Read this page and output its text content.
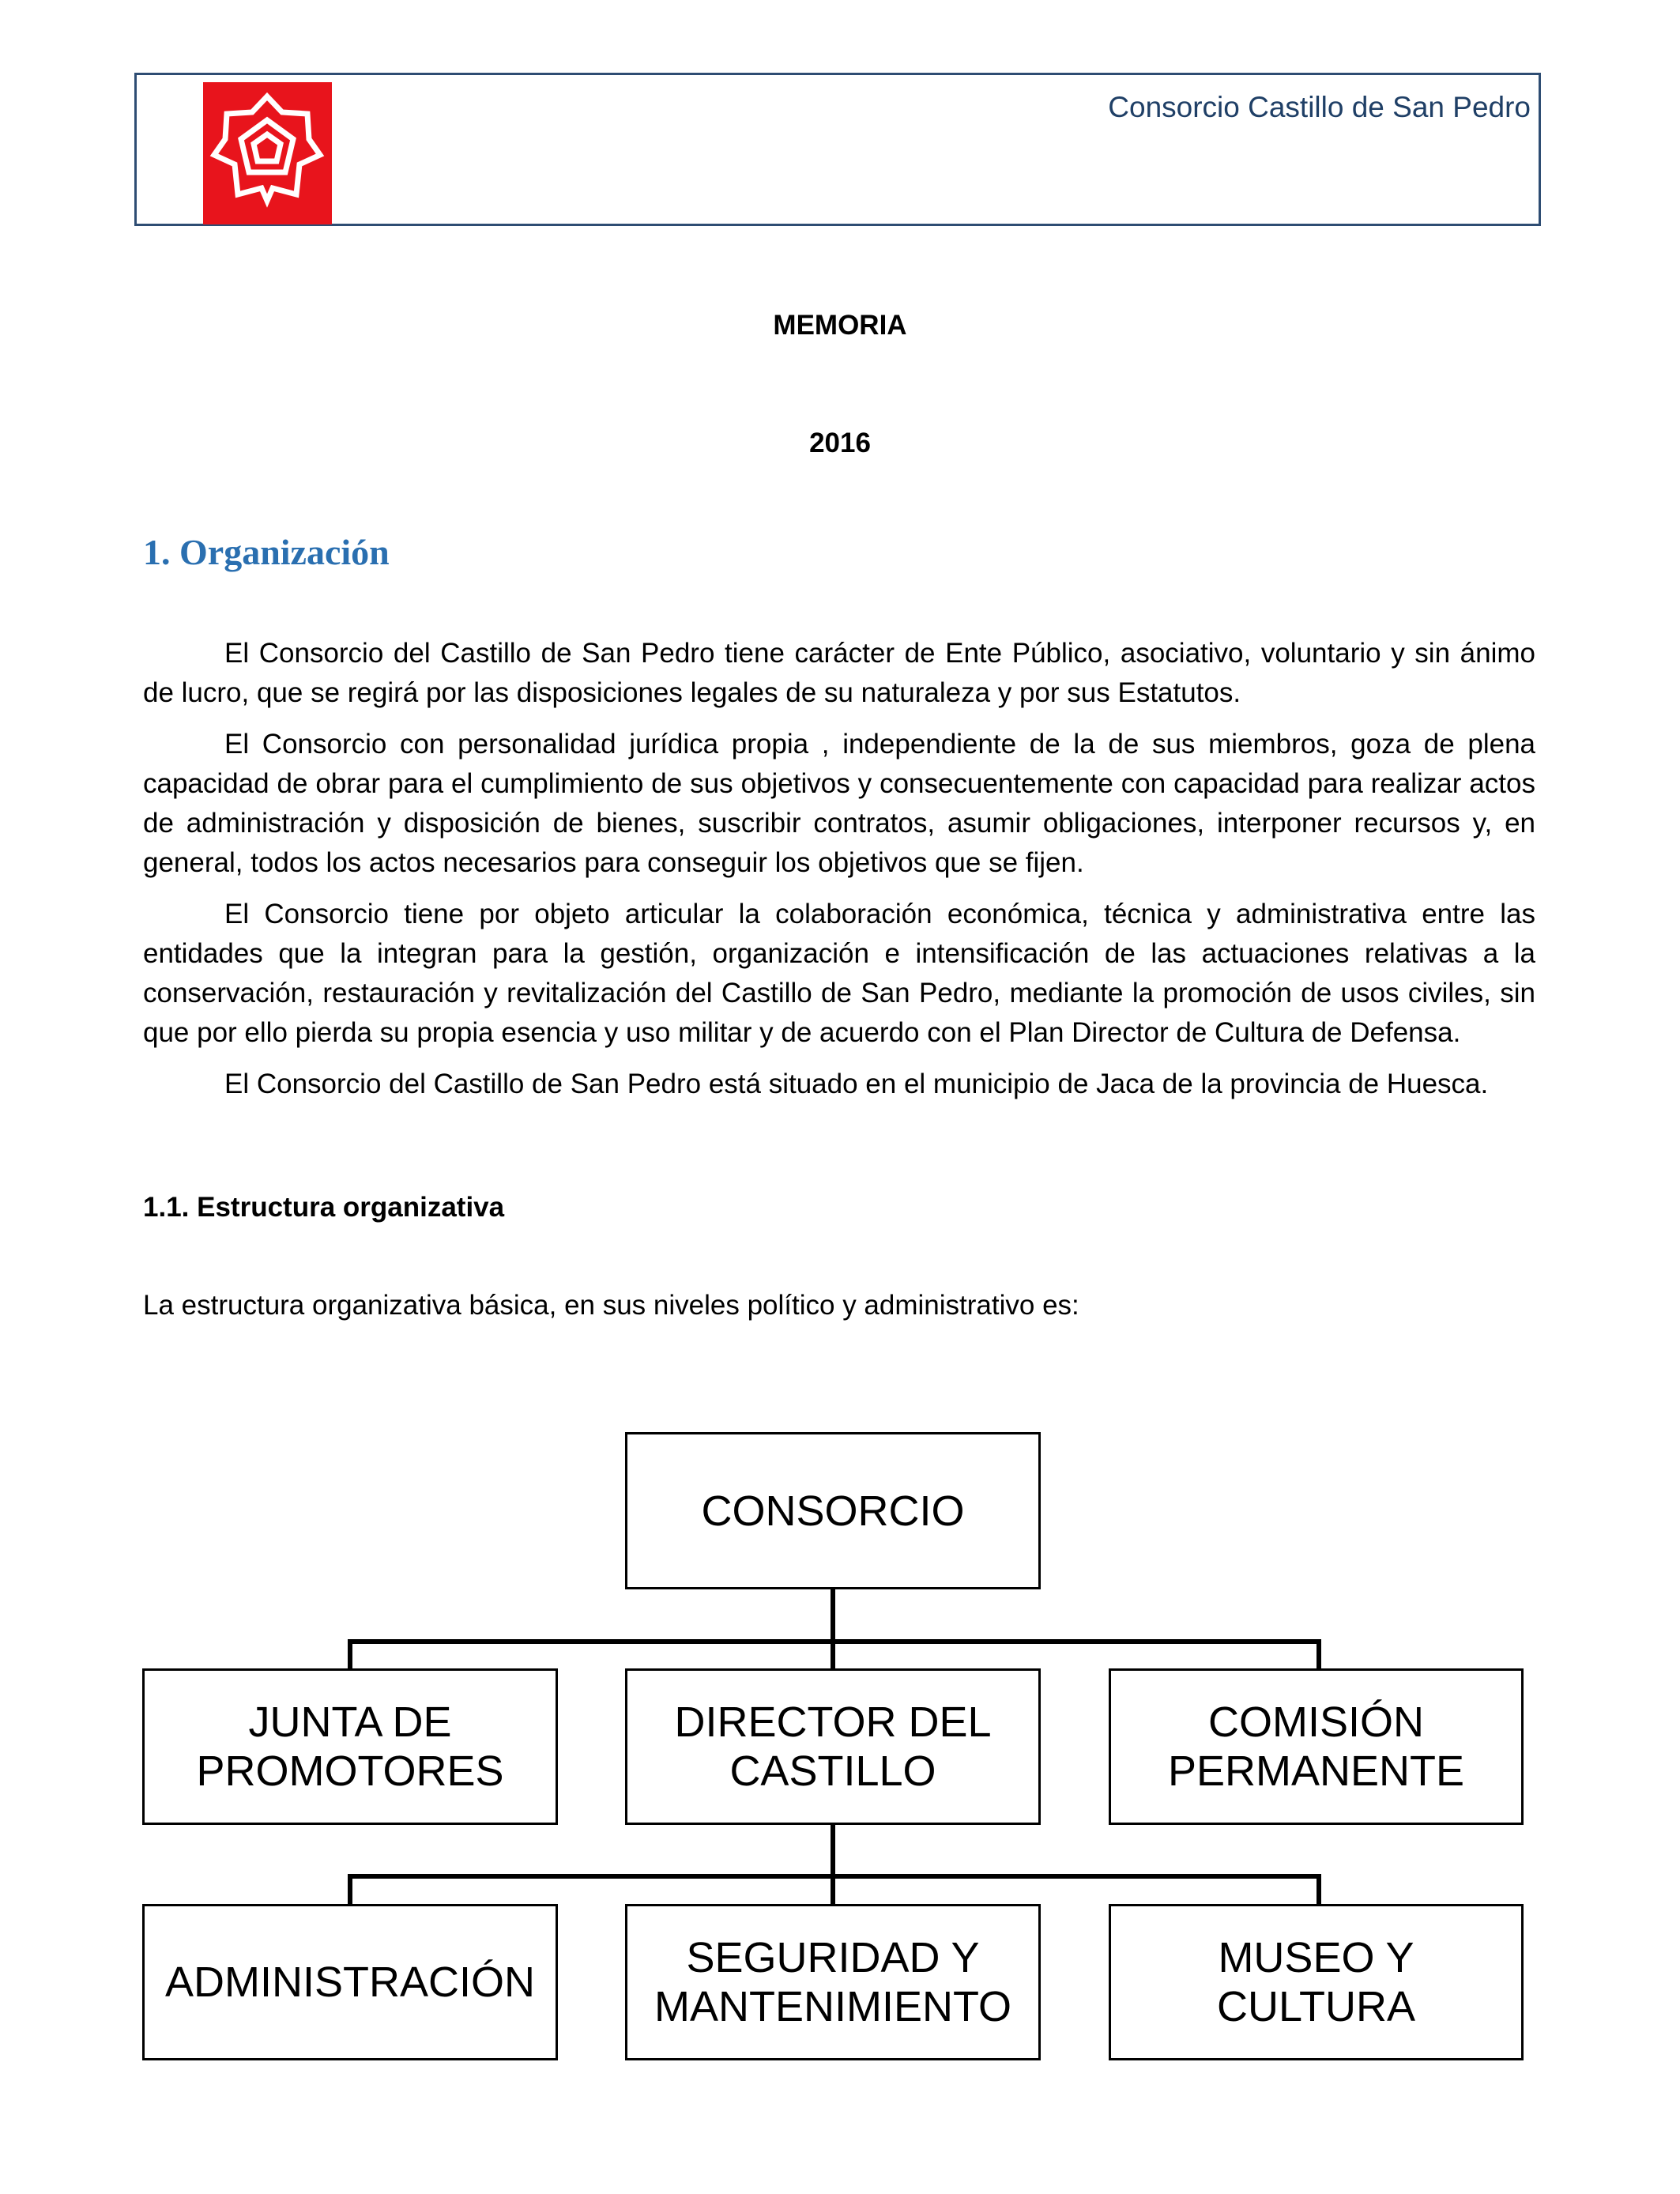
Consorcio Castillo de San Pedro
MEMORIA
2016
1. Organización

El Consorcio del Castillo de San Pedro tiene carácter de Ente Público, asociativo, voluntario y sin ánimo de lucro, que se regirá por las disposiciones legales de su naturaleza y por sus Estatutos.

El Consorcio con personalidad jurídica propia , independiente de la de sus miembros, goza de plena capacidad de obrar para el cumplimiento de sus objetivos y consecuentemente con capacidad para realizar actos de administración y disposición de bienes, suscribir contratos, asumir obligaciones, interponer recursos y, en general, todos los actos necesarios para conseguir los objetivos que se fijen.

El Consorcio tiene por objeto articular la colaboración económica, técnica y administrativa entre las entidades que la integran para la gestión, organización e intensificación de las actuaciones relativas a la conservación, restauración y revitalización del Castillo de San Pedro, mediante la promoción de usos civiles, sin que por ello pierda su propia esencia y uso militar y de acuerdo con el Plan Director de Cultura de Defensa.

El Consorcio del Castillo de San Pedro está situado en el municipio de Jaca de la provincia de Huesca.

1.1. Estructura organizativa
La estructura organizativa básica, en sus niveles político y administrativo es:
CONSORCIO
JUNTA DE
PROMOTORES
DIRECTOR DEL
CASTILLO
COMISIÓN
PERMANENTE
ADMINISTRACIÓN
SEGURIDAD Y
MANTENIMIENTO
MUSEO Y
CULTURA
